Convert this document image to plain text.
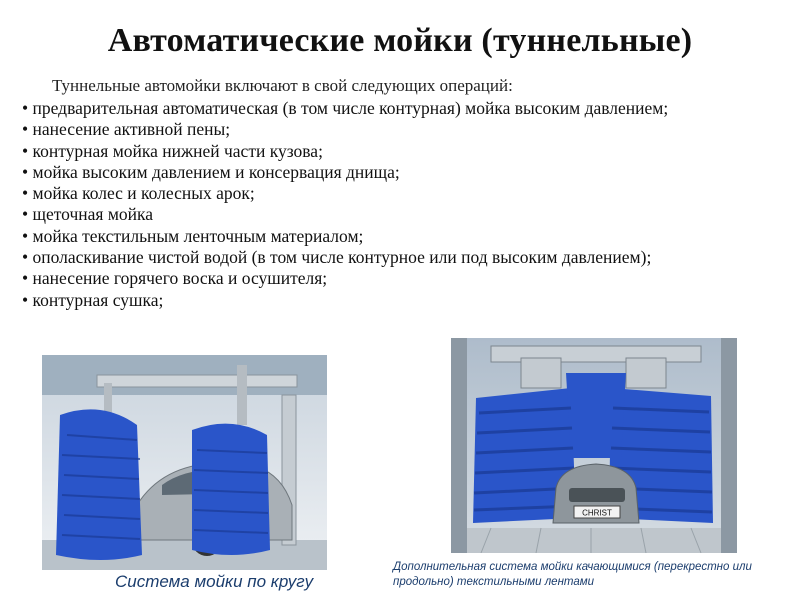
Автоматические мойки (туннельные)
Туннельные автомойки включают в свой следующих операций:
• предварительная автоматическая (в том числе контурная) мойка высоким давлением;
• нанесение активной пены;
• контурная мойка нижней части кузова;
• мойка высоким давлением и консервация днища;
• мойка колес и колесных арок;
• щеточная мойка
• мойка текстильным ленточным материалом;
• ополаскивание чистой водой (в том числе контурное или под высоким давлением);
• нанесение горячего воска и осушителя;
• контурная сушка;
CHRIST
Система мойки по кругу
Дополнительная система мойки качающимися (перекрестно или продольно) текстильными лентами
